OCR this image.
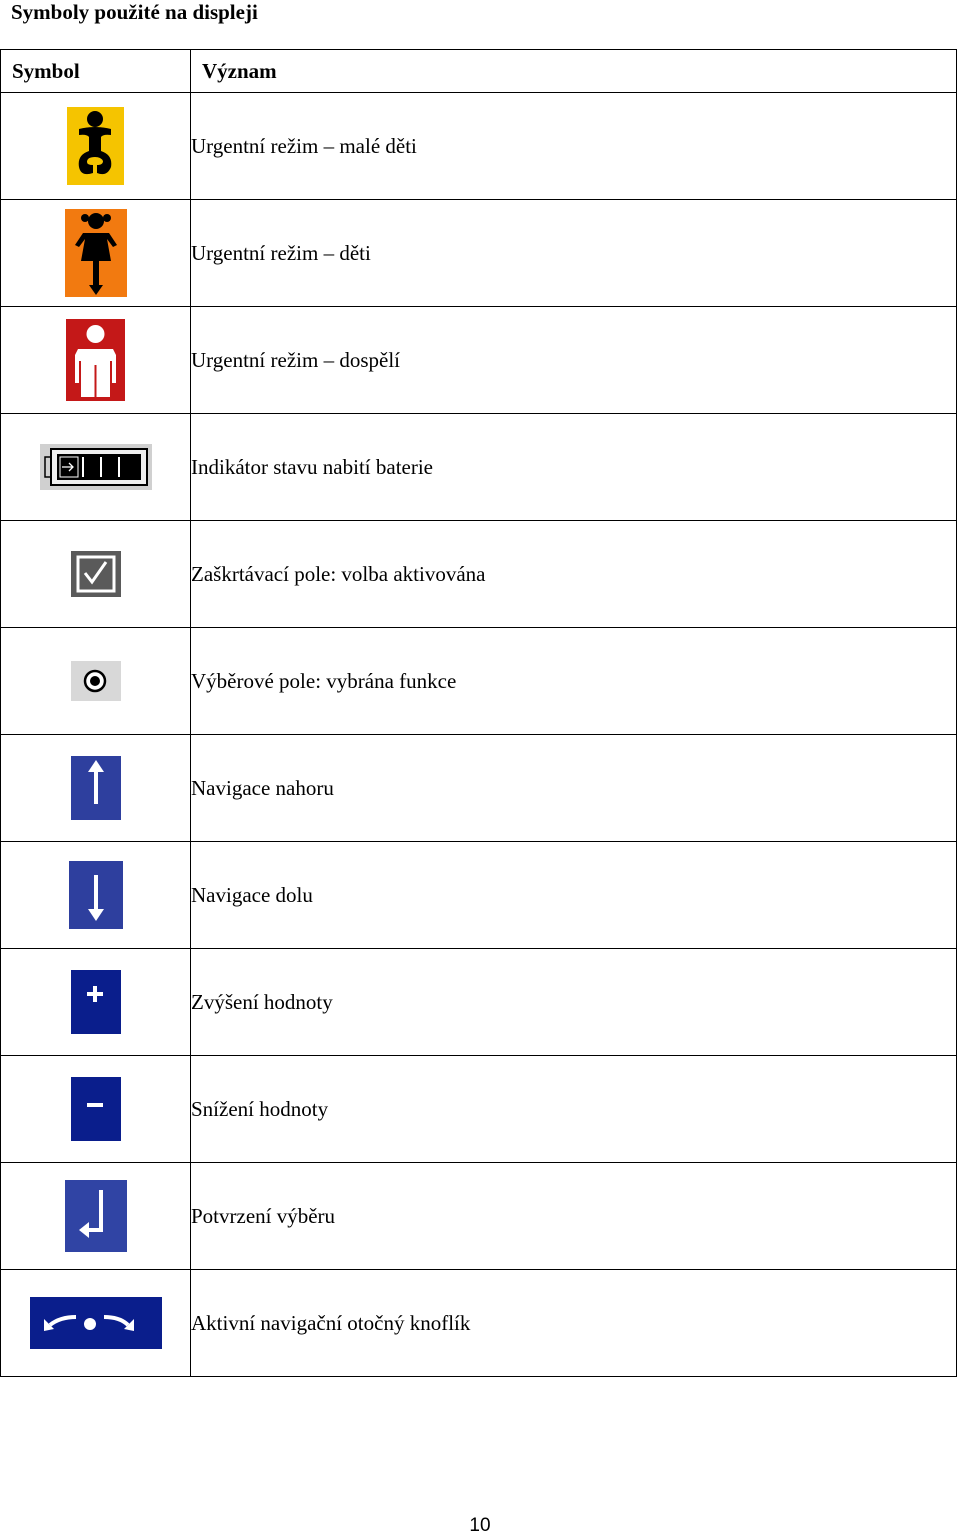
Symboly použité na displeji
Symbol	Význam
	Urgentní režim – malé děti
	Urgentní režim – děti
	Urgentní režim – dospělí
	Indikátor stavu nabití baterie
	Zaškrtávací pole: volba aktivována
	Výběrové pole: vybrána funkce
	Navigace nahoru
	Navigace dolu
	Zvýšení hodnoty
	Snížení hodnoty
	Potvrzení výběru
	Aktivní navigační otočný knoflík
10
